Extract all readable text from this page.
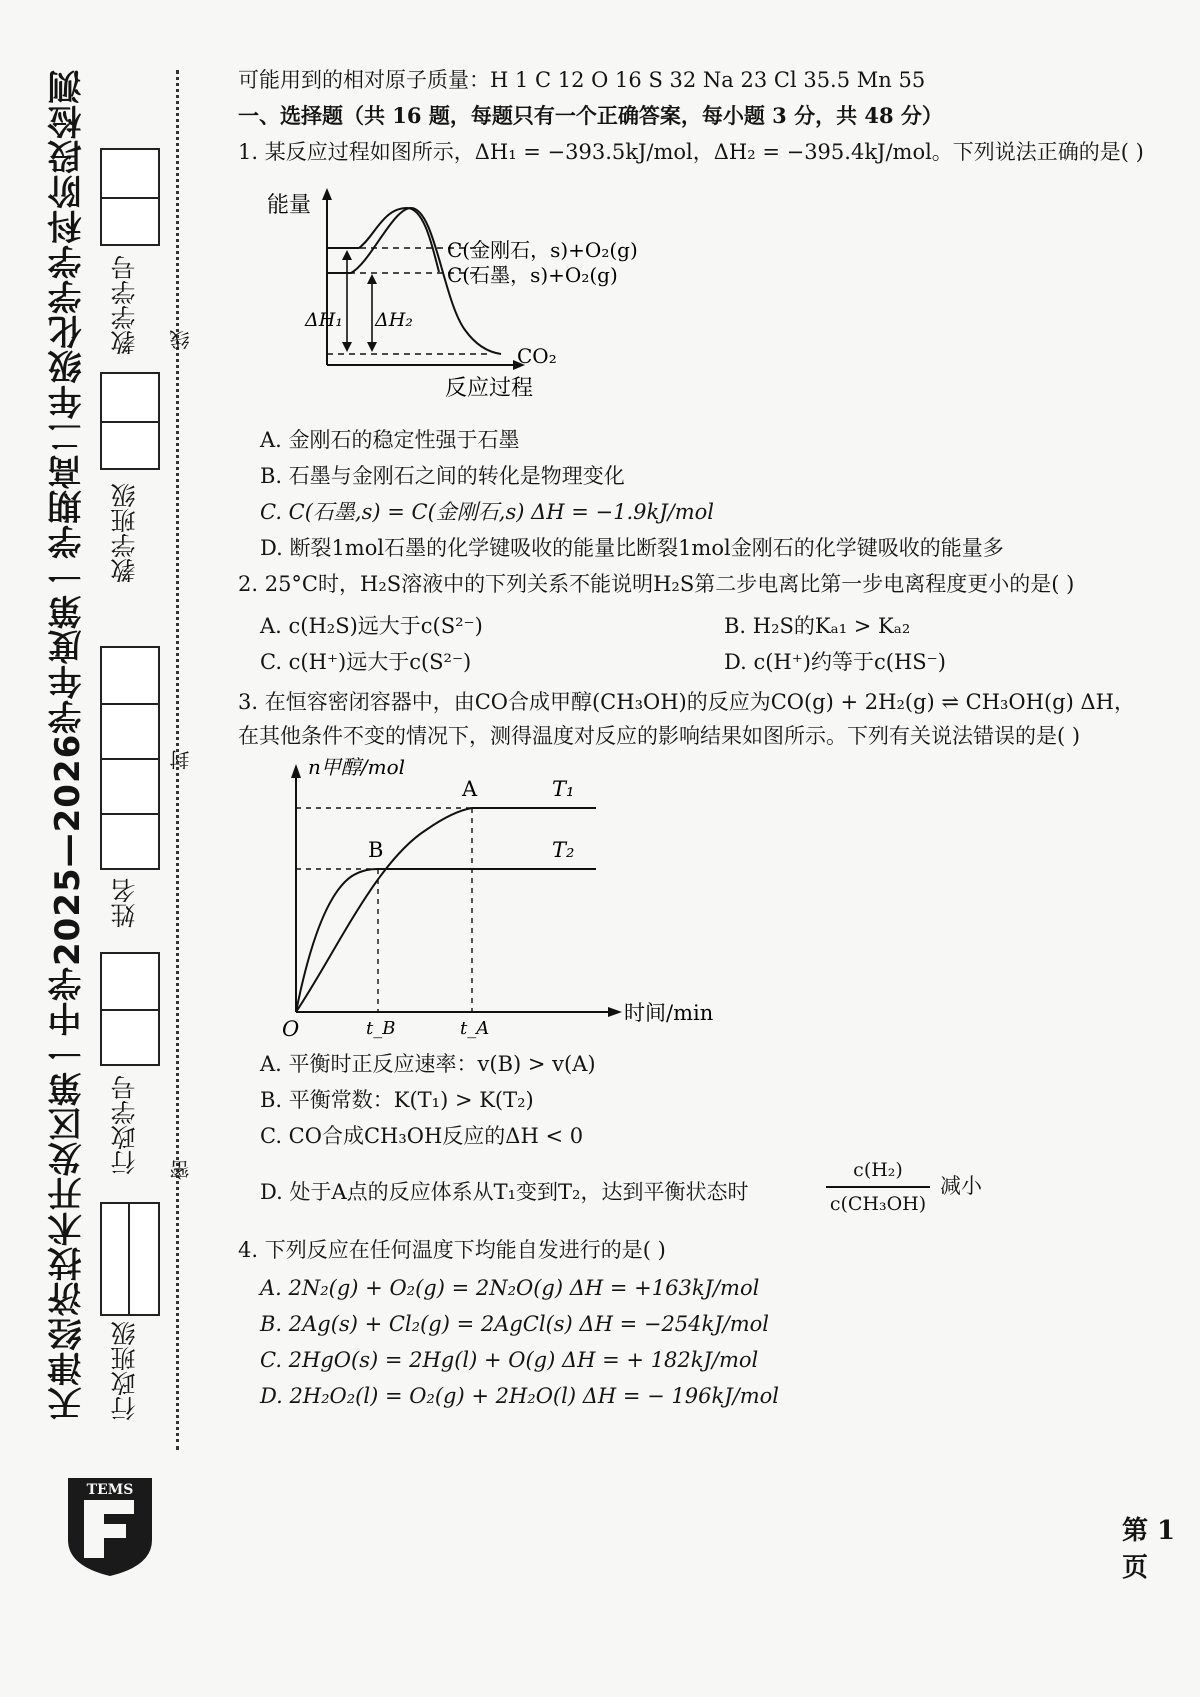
天津经济技术开发区第一中学2025—2026学年度第一学期高二年级化学学科阶段检测
教学学号
教学班级
姓名
行政学号
行政班级
线
封
密
TEMS
可能用到的相对原子质量：H 1 C 12 O 16 S 32 Na 23 Cl 35.5 Mn 55
一、选择题（共 16 题，每题只有一个正确答案，每小题 3 分，共 48 分）
1. 某反应过程如图所示，ΔH₁ = −393.5kJ/mol，ΔH₂ = −395.4kJ/mol。下列说法正确的是( )
能量
ΔH₁ ΔH₂
C(金刚石，s)+O₂(g)
C(石墨，s)+O₂(g)
CO₂
反应过程
A. 金刚石的稳定性强于石墨
B. 石墨与金刚石之间的转化是物理变化
C. C(石墨,s) = C(金刚石,s) ΔH = −1.9kJ/mol
D. 断裂1mol石墨的化学键吸收的能量比断裂1mol金刚石的化学键吸收的能量多
2. 25°C时，H₂S溶液中的下列关系不能说明H₂S第二步电离比第一步电离程度更小的是( )
A. c(H₂S)远大于c(S²⁻)	B. H₂S的Kₐ₁ > Kₐ₂
C. c(H⁺)远大于c(S²⁻)	D. c(H⁺)约等于c(HS⁻)
3. 在恒容密闭容器中，由CO合成甲醇(CH₃OH)的反应为CO(g) + 2H₂(g) ⇌ CH₃OH(g) ΔH，
在其他条件不变的情况下，测得温度对反应的影响结果如图所示。下列有关说法错误的是( )
n甲醇/mol
时间/min
O
A
B
T₁
T₂
t_B	t_A
A. 平衡时正反应速率：v(B) > v(A)
B. 平衡常数：K(T₁) > K(T₂)
C. CO合成CH₃OH反应的ΔH < 0
D. 处于A点的反应体系从T₁变到T₂，达到平衡状态时
c(H₂)
c(CH₃OH)
减小
4. 下列反应在任何温度下均能自发进行的是( )
A. 2N₂(g) + O₂(g) = 2N₂O(g) ΔH = +163kJ/mol
B. 2Ag(s) + Cl₂(g) = 2AgCl(s) ΔH = −254kJ/mol
C. 2HgO(s) = 2Hg(l) + O(g) ΔH = + 182kJ/mol
D. 2H₂O₂(l) = O₂(g) + 2H₂O(l) ΔH = − 196kJ/mol
第 1 页
